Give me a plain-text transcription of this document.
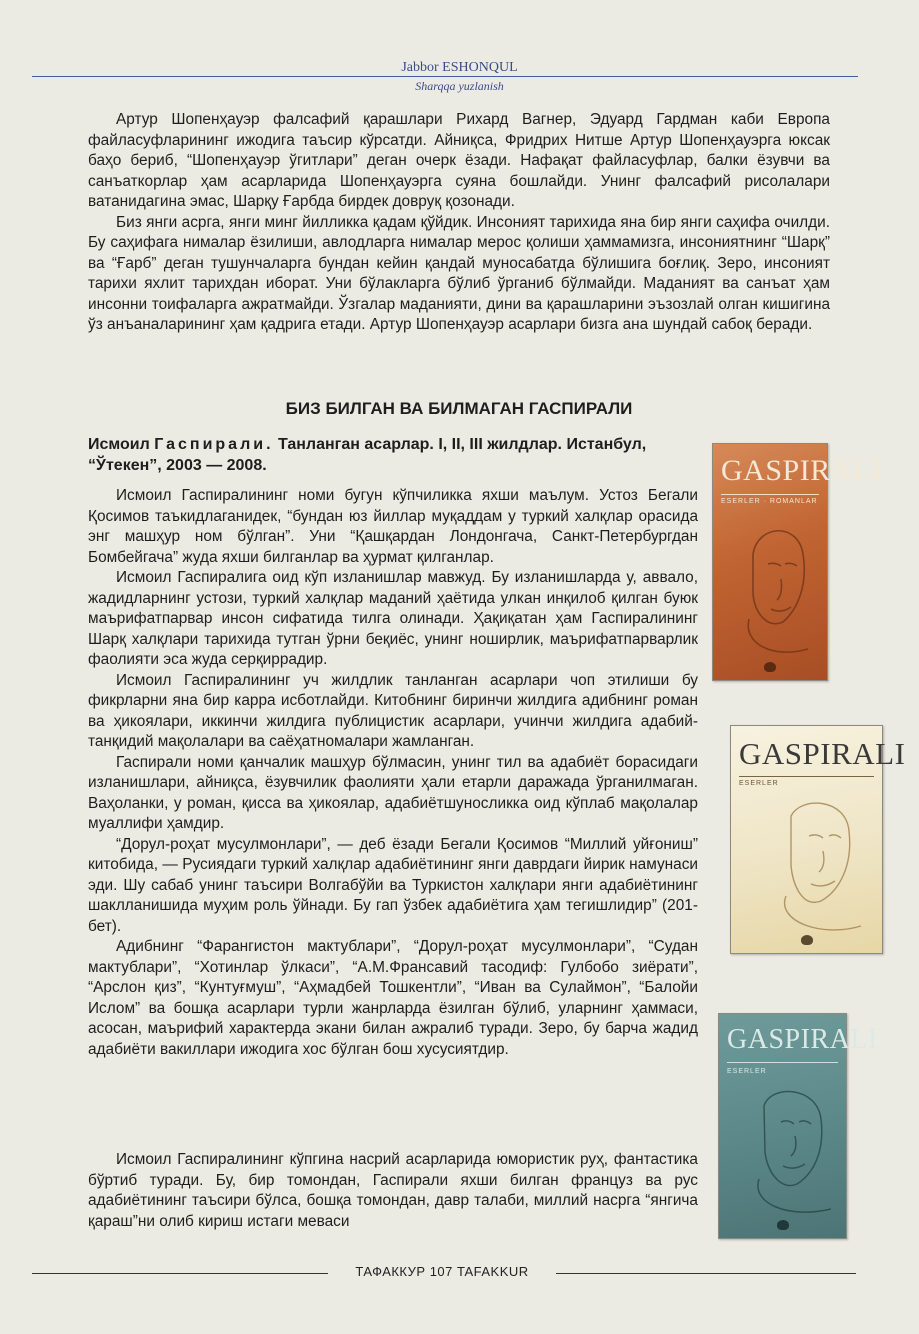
Jabbor ESHONQUL
Sharqqa yuzlanish

Артур Шопенҳауэр фалсафий қарашлари Рихард Вагнер, Эдуард Гардман каби Европа файласуфларининг ижодига таъсир кўрсатди. Айниқса, Фридрих Нитше Артур Шопенҳауэрга юксак баҳо бериб, “Шопенҳауэр ўгитлари” деган очерк ёзади. Нафақат файласуфлар, балки ёзувчи ва санъаткорлар ҳам асарларида Шопенҳауэрга суяна бошлайди. Унинг фалсафий рисолалари ватанидагина эмас, Шарқу Ғарбда бирдек довруқ қозонади.

Биз янги асрга, янги минг йилликка қадам қўйдик. Инсоният тарихида яна бир янги саҳифа очилди. Бу саҳифага нималар ёзилиши, авлодларга нималар мерос қолиши ҳаммамизга, инсониятнинг “Шарқ” ва “Ғарб” деган тушунчаларга бундан кейин қандай муносабатда бўлишига боғлиқ. Зеро, инсоният тарихи яхлит тарихдан иборат. Уни бўлакларга бўлиб ўрганиб бўлмайди. Маданият ва санъат ҳам инсонни тоифаларга ажратмайди. Ўзгалар маданияти, дини ва қарашларини эъзозлай олган кишигина ўз анъаналарининг ҳам қадрига етади. Артур Шопенҳауэр асарлари бизга ана шундай сабоқ беради.

БИЗ БИЛГАН ВА БИЛМАГАН ГАСПИРАЛИ
Исмоил Гаспирали. Танланган асарлар. I, II, III жилдлар. Истанбул, “Ўтекен”, 2003 — 2008.

Исмоил Гаспиралининг номи бугун кўпчиликка яхши маълум. Устоз Бегали Қосимов таъкидлаганидек, “бундан юз йиллар муқаддам у туркий халқлар орасида энг машҳур ном бўлган”. Уни “Қашқардан Лондонгача, Санкт-Петербургдан Бомбейгача” жуда яхши билганлар ва ҳурмат қилганлар.

Исмоил Гаспиралига оид кўп изланишлар мавжуд. Бу изланишларда у, аввало, жадидларнинг устози, туркий халқлар маданий ҳаётида улкан инқилоб қилган буюк маърифатпарвар инсон сифатида тилга олинади. Ҳақиқатан ҳам Гаспиралининг Шарқ халқлари тарихида тутган ўрни беқиёс, унинг ноширлик, маърифатпарварлик фаолияти эса жуда серқиррадир.

Исмоил Гаспиралининг уч жилдлик танланган асарлари чоп этилиши бу фикрларни яна бир карра исботлайди. Китобнинг биринчи жилдига адибнинг роман ва ҳикоялари, иккинчи жилдига публицистик асарлари, учинчи жилдига адабий-танқидий мақолалари ва саёҳатномалари жамланган.

Гаспирали номи қанчалик машҳур бўлмасин, унинг тил ва адабиёт борасидаги изланишлари, айниқса, ёзувчилик фаолияти ҳали етарли даражада ўрганилмаган. Ваҳоланки, у роман, қисса ва ҳикоялар, адабиётшуносликка оид кўплаб мақолалар муаллифи ҳамдир.

“Дорул-роҳат мусулмонлари”, — деб ёзади Бегали Қосимов “Миллий уйғониш” китобида, — Русиядаги туркий халқлар адабиётининг янги даврдаги йирик намунаси эди. Шу сабаб унинг таъсири Волгабўйи ва Туркистон халқлари янги адабиётининг шаклланишида муҳим роль ўйнади. Бу гап ўзбек адабиётига ҳам тегишлидир” (201-бет).

Адибнинг “Фарангистон мактублари”, “Дорул-роҳат мусулмонлари”, “Судан мактублари”, “Хотинлар ўлкаси”, “А.М.Франсавий тасодиф: Гулбобо зиёрати”, “Арслон қиз”, “Кунтуғмуш”, “Аҳмадбей Тошкентли”, “Иван ва Сулаймон”, “Балойи Ислом” ва бошқа асарлари турли жанрларда ёзилган бўлиб, уларнинг ҳаммаси, асосан, маърифий характерда экани билан ажралиб туради. Зеро, бу барча жадид адабиёти вакиллари ижодига хос бўлган бош хусусиятдир.

Исмоил Гаспиралининг кўпгина насрий асарларида юмористик руҳ, фантастика бўртиб туради. Бу, бир томондан, Гаспирали яхши билган француз ва рус адабиётининг таъсири бўлса, бошқа томондан, давр талаби, миллий насрга “янгича қараш”ни олиб кириш истаги меваси

GASPIRALI
ESERLER · ROMANLAR
GASPIRALI
ESERLER
GASPIRALI
ESERLER
ТАФАККУР 107 TAFAKKUR
